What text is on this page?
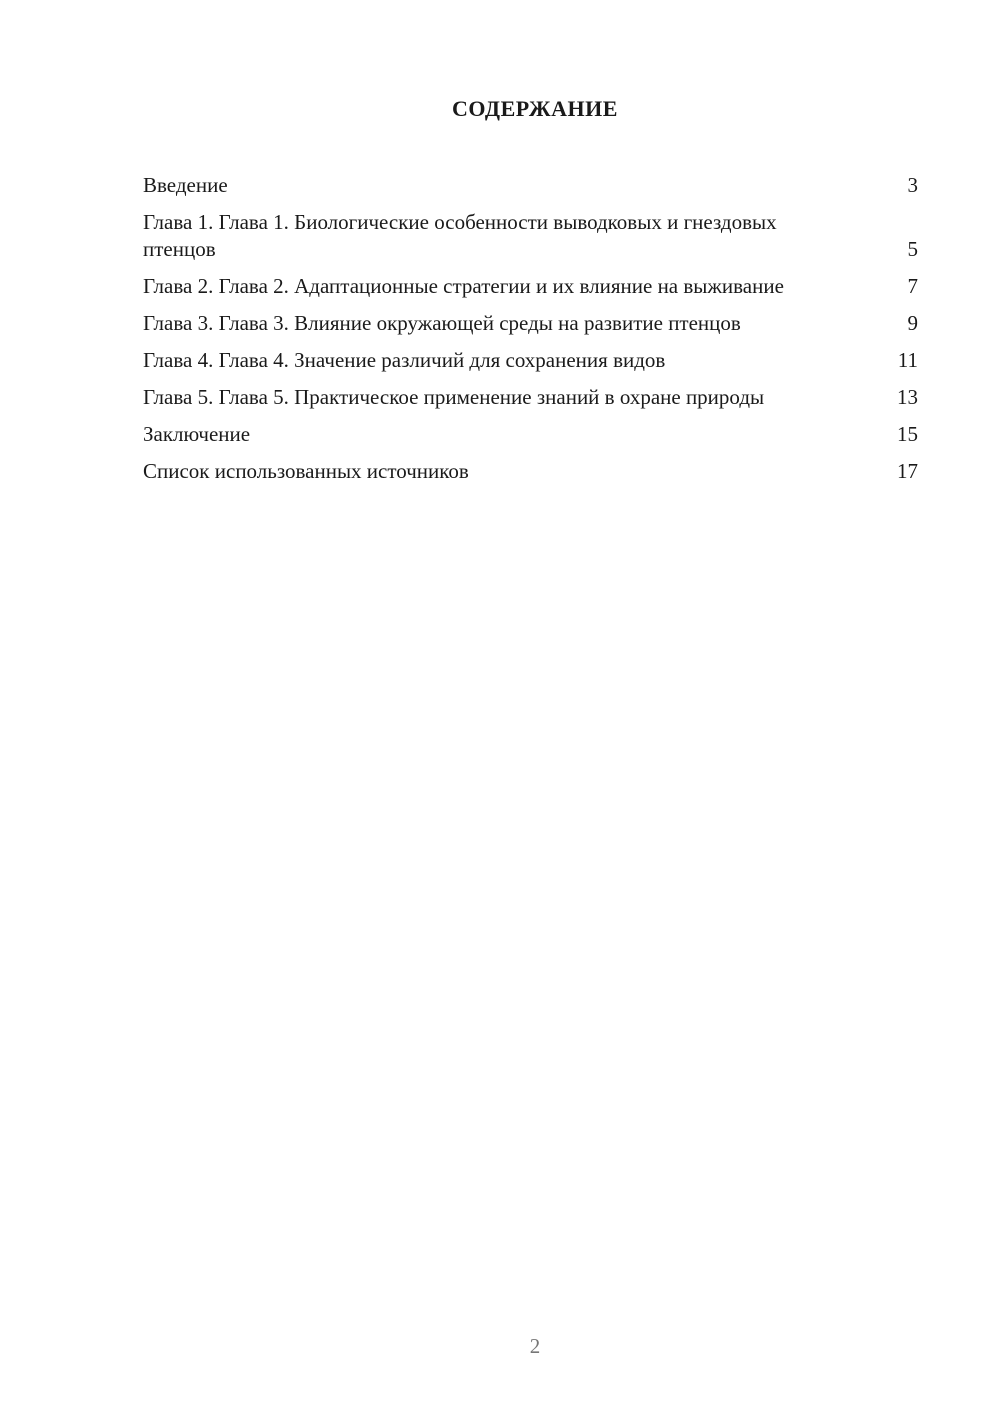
СОДЕРЖАНИЕ
Введение	3
Глава 1. Глава 1. Биологические особенности выводковых и гнездовых птенцов	5
Глава 2. Глава 2. Адаптационные стратегии и их влияние на выживание	7
Глава 3. Глава 3. Влияние окружающей среды на развитие птенцов	9
Глава 4. Глава 4. Значение различий для сохранения видов	11
Глава 5. Глава 5. Практическое применение знаний в охране природы	13
Заключение	15
Список использованных источников	17
2
